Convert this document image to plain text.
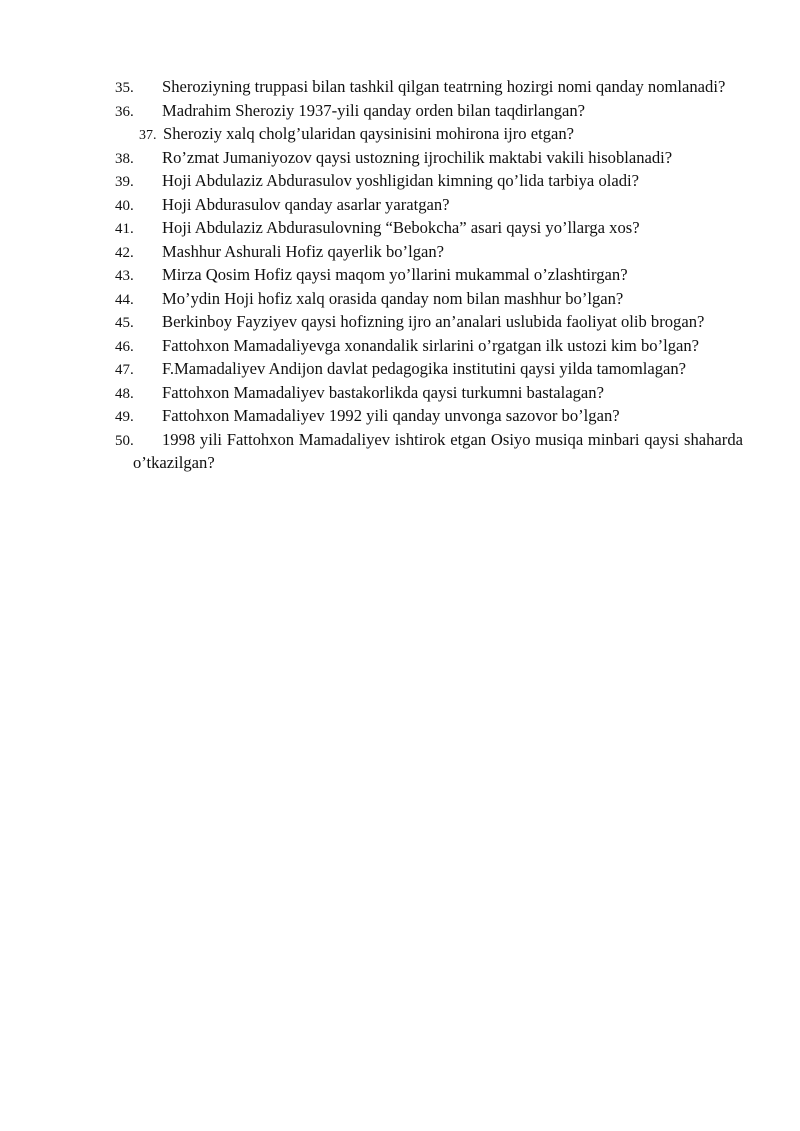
35. Sheroziyning truppasi bilan tashkil qilgan teatrning hozirgi nomi qanday nomlanadi?
36. Madrahim Sheroziy 1937-yili qanday orden bilan taqdirlangan?
37. Sheroziy xalq cholg’ularidan qaysinisini mohirona ijro etgan?
38. Ro’zmat Jumaniyozov qaysi ustozning ijrochilik maktabi vakili hisoblanadi?
39. Hoji Abdulaziz Abdurasulov yoshligidan kimning qo’lida tarbiya oladi?
40. Hoji Abdurasulov qanday asarlar yaratgan?
41. Hoji Abdulaziz Abdurasulovning “Bebokcha” asari qaysi yo’llarga xos?
42. Mashhur Ashurali Hofiz qayerlik bo’lgan?
43. Mirza Qosim Hofiz qaysi maqom yo’llarini mukammal o’zlashtirgan?
44. Mo’ydin Hoji hofiz xalq orasida qanday nom bilan mashhur bo’lgan?
45. Berkinboy Fayziyev qaysi hofizning ijro an’analari uslubida faoliyat olib brogan?
46. Fattohxon Mamadaliyevga xonandalik sirlarini o’rgatgan ilk ustozi kim bo’lgan?
47. F.Mamadaliyev Andijon davlat pedagogika institutini qaysi yilda tamomlagan?
48. Fattohxon Mamadaliyev bastakorlikda qaysi turkumni bastalagan?
49. Fattohxon Mamadaliyev 1992 yili qanday unvonga sazovor bo’lgan?
50. 1998 yili Fattohxon Mamadaliyev ishtirok etgan Osiyo musiqa minbari qaysi shaharda o’tkazilgan?
